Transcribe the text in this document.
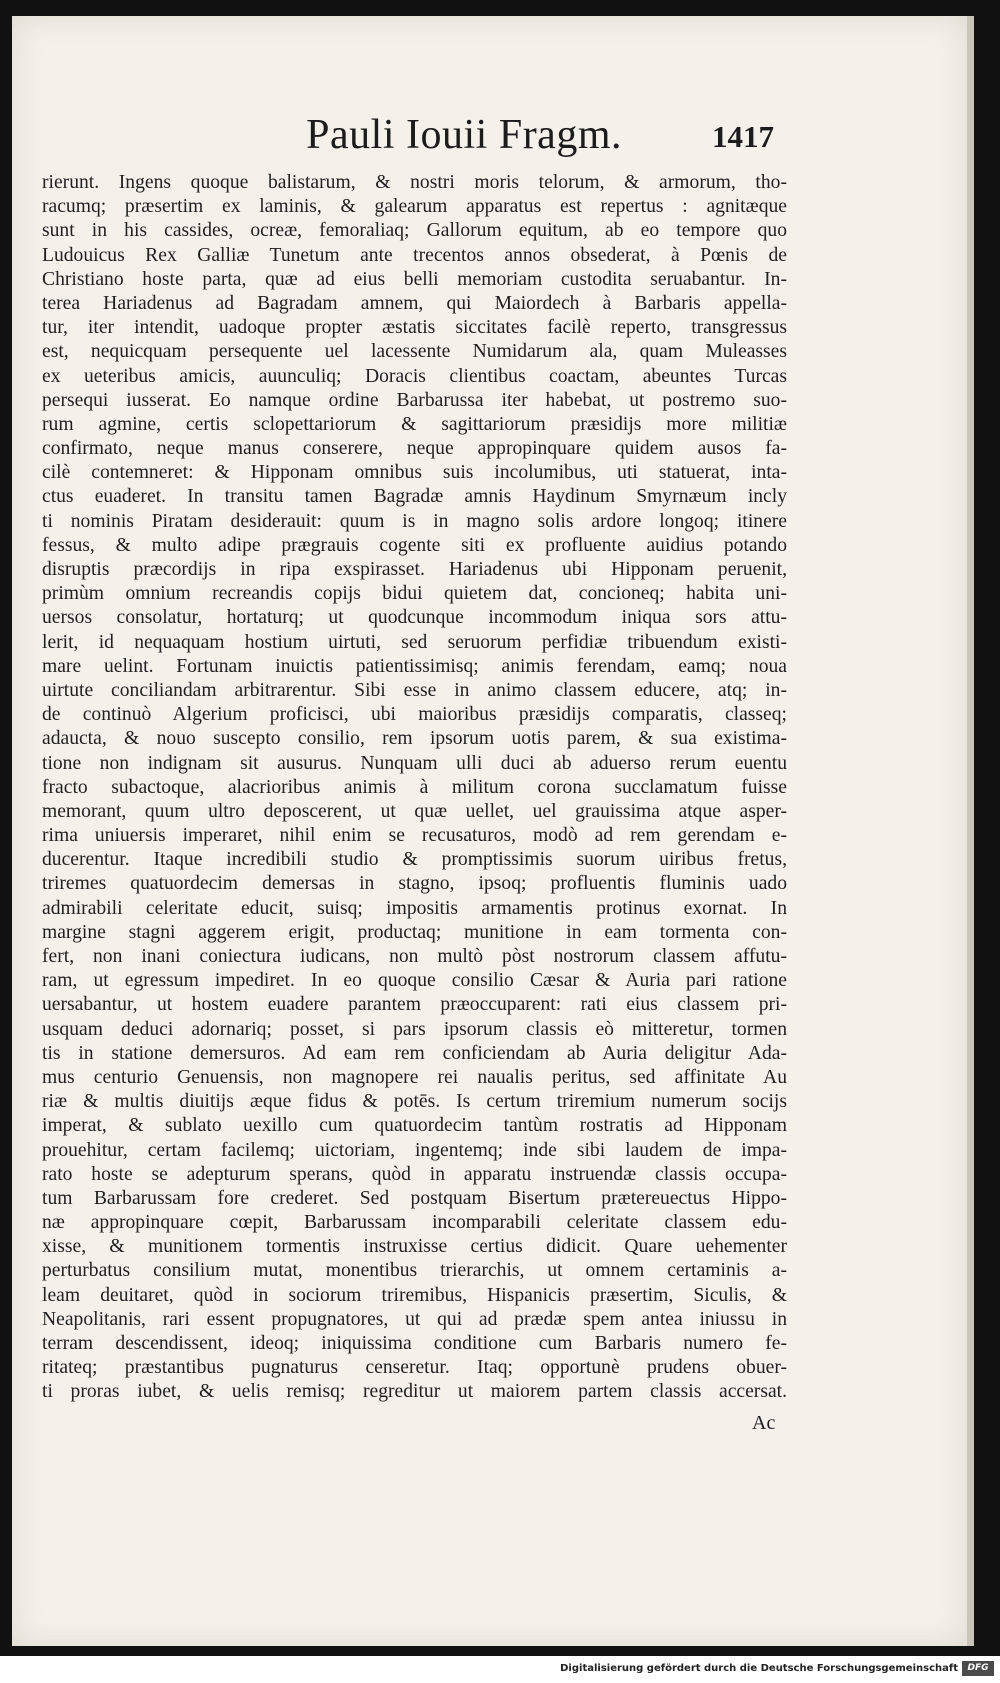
Pauli Iouii Fragm.	1417
rierunt. Ingens quoque balistarum, & nostri moris telorum, & armorum, tho-
racumq; præsertim ex laminis, & galearum apparatus est repertus : agnitæque
sunt in his cassides, ocreæ, femoraliaq; Gallorum equitum, ab eo tempore quo
Ludouicus Rex Galliæ Tunetum ante trecentos annos obsederat, à Pœnis de
Christiano hoste parta, quæ ad eius belli memoriam custodita seruabantur. In-
terea Hariadenus ad Bagradam amnem, qui Maiordech à Barbaris appella-
tur, iter intendit, uadoque propter æstatis siccitates facilè reperto, transgressus
est, nequicquam persequente uel lacessente Numidarum ala, quam Muleasses
ex ueteribus amicis, auunculiq; Doracis clientibus coactam, abeuntes Turcas
persequi iusserat. Eo namque ordine Barbarussa iter habebat, ut postremo suo-
rum agmine, certis sclopettariorum & sagittariorum præsidijs more militiæ
confirmato, neque manus conserere, neque appropinquare quidem ausos fa-
cilè contemneret: & Hipponam omnibus suis incolumibus, uti statuerat, inta-
ctus euaderet. In transitu tamen Bagradæ amnis Haydinum Smyrnæum incly
ti nominis Piratam desiderauit: quum is in magno solis ardore longoq; itinere
fessus, & multo adipe prægrauis cogente siti ex profluente auidius potando
disruptis præcordijs in ripa exspirasset. Hariadenus ubi Hipponam peruenit,
primùm omnium recreandis copijs bidui quietem dat, concioneq; habita uni-
uersos consolatur, hortaturq; ut quodcunque incommodum iniqua sors attu-
lerit, id nequaquam hostium uirtuti, sed seruorum perfidiæ tribuendum existi-
mare uelint. Fortunam inuictis patientissimisq; animis ferendam, eamq; noua
uirtute conciliandam arbitrarentur. Sibi esse in animo classem educere, atq; in-
de continuò Algerium proficisci, ubi maioribus præsidijs comparatis, classeq;
adaucta, & nouo suscepto consilio, rem ipsorum uotis parem, & sua existima-
tione non indignam sit ausurus. Nunquam ulli duci ab aduerso rerum euentu
fracto subactoque, alacrioribus animis à militum corona succlamatum fuisse
memorant, quum ultro deposcerent, ut quæ uellet, uel grauissima atque asper-
rima uniuersis imperaret, nihil enim se recusaturos, modò ad rem gerendam e-
ducerentur. Itaque incredibili studio & promptissimis suorum uiribus fretus,
triremes quatuordecim demersas in stagno, ipsoq; profluentis fluminis uado
admirabili celeritate educit, suisq; impositis armamentis protinus exornat. In
margine stagni aggerem erigit, productaq; munitione in eam tormenta con-
fert, non inani coniectura iudicans, non multò pòst nostrorum classem affutu-
ram, ut egressum impediret. In eo quoque consilio Cæsar & Auria pari ratione
uersabantur, ut hostem euadere parantem præoccuparent: rati eius classem pri-
usquam deduci adornariq; posset, si pars ipsorum classis eò mitteretur, tormen
tis in statione demersuros. Ad eam rem conficiendam ab Auria deligitur Ada-
mus centurio Genuensis, non magnopere rei naualis peritus, sed affinitate Au
riæ & multis diuitijs æque fidus & potēs. Is certum triremium numerum socijs
imperat, & sublato uexillo cum quatuordecim tantùm rostratis ad Hipponam
prouehitur, certam facilemq; uictoriam, ingentemq; inde sibi laudem de impa-
rato hoste se adepturum sperans, quòd in apparatu instruendæ classis occupa-
tum Barbarussam fore crederet. Sed postquam Bisertum prætereuectus Hippo-
næ appropinquare cœpit, Barbarussam incomparabili celeritate classem edu-
xisse, & munitionem tormentis instruxisse certius didicit. Quare uehementer
perturbatus consilium mutat, monentibus trierarchis, ut omnem certaminis a-
leam deuitaret, quòd in sociorum triremibus, Hispanicis præsertim, Siculis, &
Neapolitanis, rari essent propugnatores, ut qui ad prædæ spem antea iniussu in
terram descendissent, ideoq; iniquissima conditione cum Barbaris numero fe-
ritateq; præstantibus pugnaturus censeretur. Itaq; opportunè prudens obuer-
ti proras iubet, & uelis remisq; regreditur ut maiorem partem classis accersat.
Ac
Digitalisierung gefördert durch die Deutsche Forschungsgemeinschaft	DFG
